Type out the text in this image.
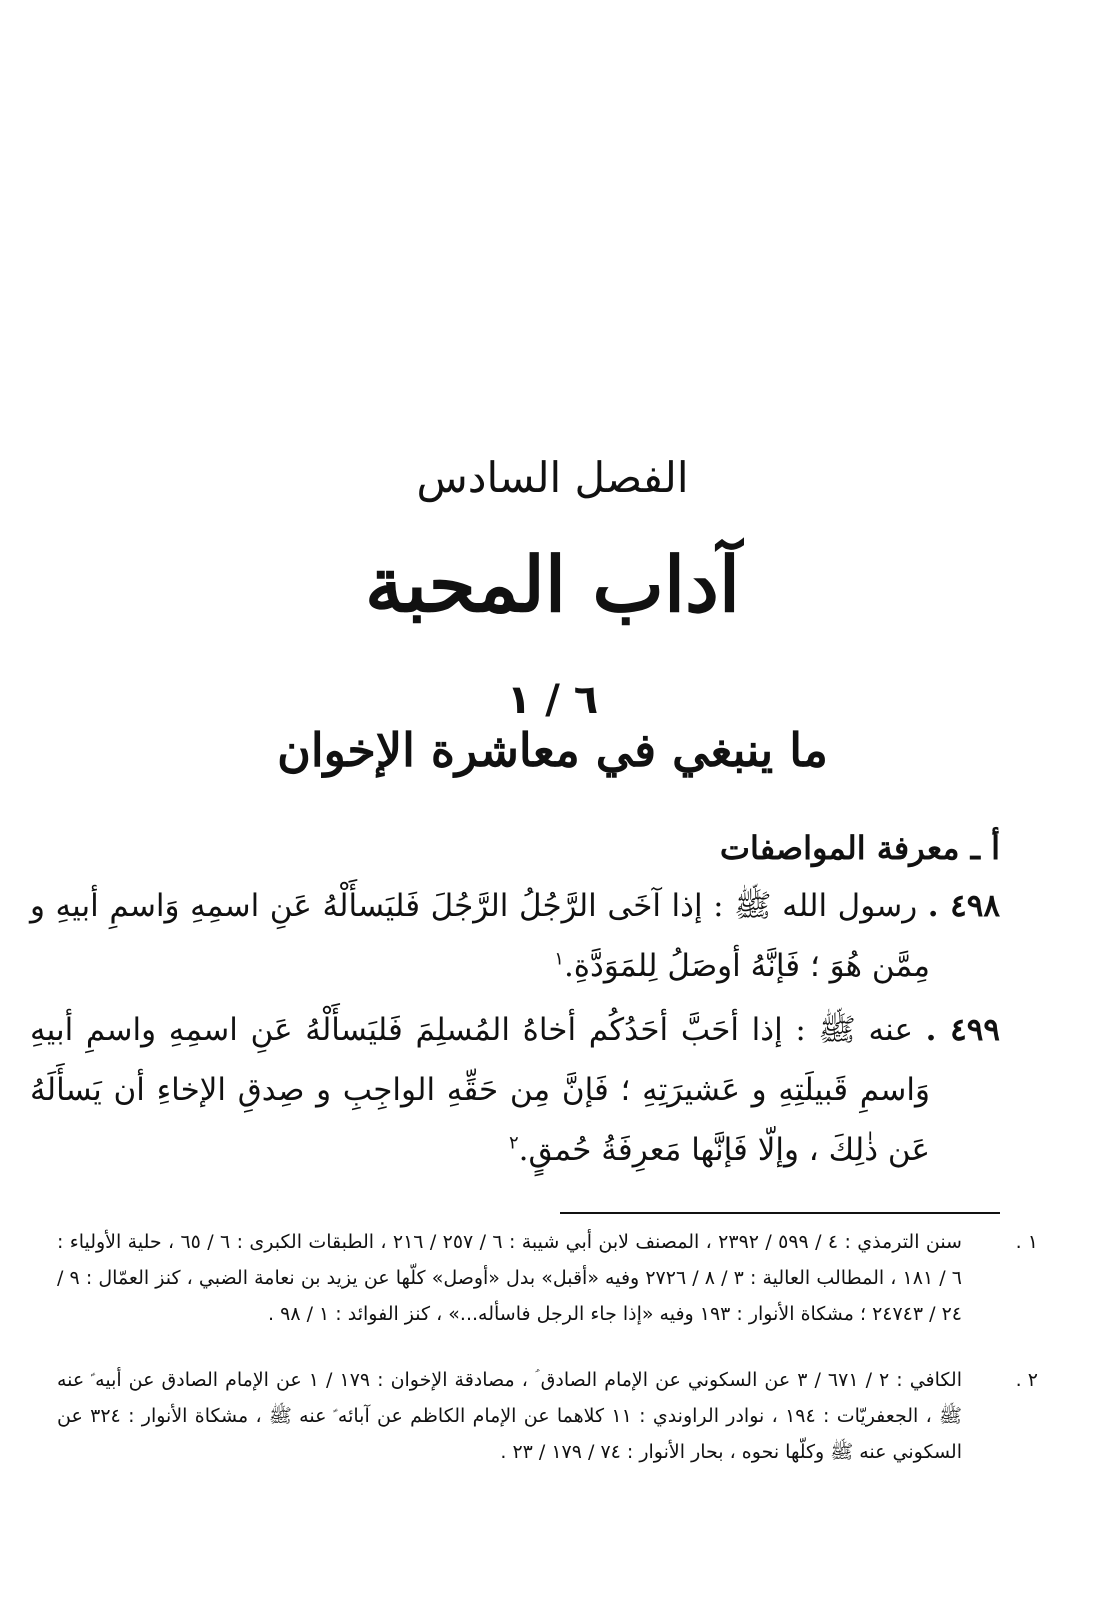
الفصل السادس
آداب المحبة
٦ / ١
ما ينبغي في معاشرة الإخوان
أ ـ معرفة المواصفات
٤٩٨ . رسول الله ﷺ : إذا آخَى الرَّجُلُ الرَّجُلَ فَليَسأَلْهُ عَنِ اسمِهِ وَاسمِ أبيهِ و مِمَّن هُوَ ؛ فَإنَّهُ أوصَلُ لِلمَوَدَّةِ.$^١$
٤٩٩ . عنه ﷺ : إذا أحَبَّ أحَدُكُم أخاهُ المُسلِمَ فَليَسأَلْهُ عَنِ اسمِهِ واسمِ أبيهِ وَاسمِ قَبيلَتِهِ و عَشيرَتِهِ ؛ فَإنَّ مِن حَقِّهِ الواجِبِ و صِدقِ الإخاءِ أن يَسأَلَهُ عَن ذٰلِكَ ، وإلّا فَإنَّها مَعرِفَةُ حُمقٍ.$^٢$
١ .سنن الترمذي : ٤ / ٥٩٩ / ٢٣٩٢ ، المصنف لابن أبي شيبة : ٦ / ٢٥٧ / ٢١٦ ، الطبقات الكبرى : ٦ / ٦٥ ، حلية الأولياء : ٦ / ١٨١ ، المطالب العالية : ٣ / ٨ / ٢٧٢٦ وفيه «أقبل» بدل «أوصل» كلّها عن يزيد بن نعامة الضبي ، كنز العمّال : ٩ / ٢٤ / ٢٤٧٤٣ ؛ مشكاة الأنوار : ١٩٣ وفيه «إذا جاء الرجل فاسأله...» ، كنز الفوائد : ١ / ٩٨ .
٢ .الكافي : ٢ / ٦٧١ / ٣ عن السكوني عن الإمام الصادق ؑ ، مصادقة الإخوان : ١٧٩ / ١ عن الإمام الصادق عن أبيه ؑ عنه ﷺ ، الجعفريّات : ١٩٤ ، نوادر الراوندي : ١١ كلاهما عن الإمام الكاظم عن آبائه ؑ عنه ﷺ ، مشكاة الأنوار : ٣٢٤ عن السكوني عنه ﷺ وكلّها نحوه ، بحار الأنوار : ٧٤ / ١٧٩ / ٢٣ .
